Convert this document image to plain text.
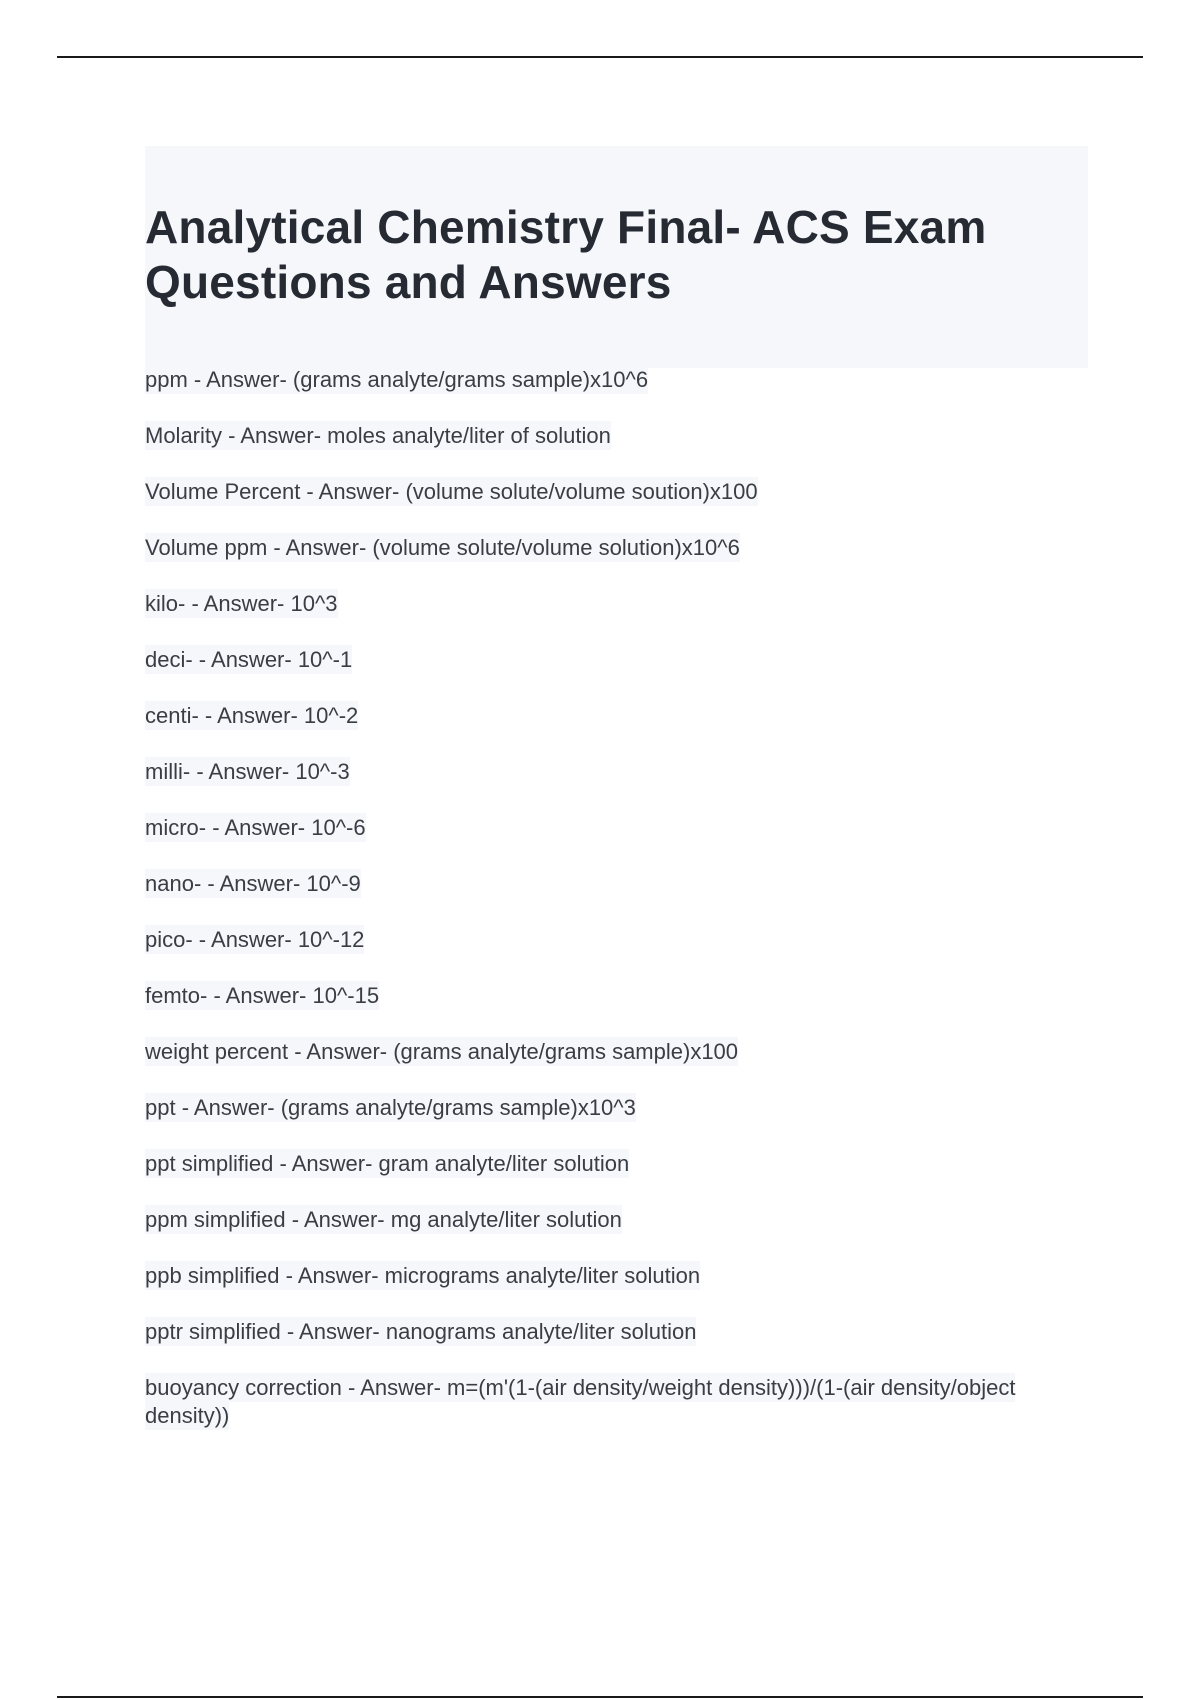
Analytical Chemistry Final- ACS Exam Questions and Answers
ppm - Answer- (grams analyte/grams sample)x10^6
Molarity - Answer- moles analyte/liter of solution
Volume Percent - Answer- (volume solute/volume soution)x100
Volume ppm - Answer- (volume solute/volume solution)x10^6
kilo- - Answer- 10^3
deci- - Answer- 10^-1
centi- - Answer- 10^-2
milli- - Answer- 10^-3
micro- - Answer- 10^-6
nano- - Answer- 10^-9
pico- - Answer- 10^-12
femto- - Answer- 10^-15
weight percent - Answer- (grams analyte/grams sample)x100
ppt - Answer- (grams analyte/grams sample)x10^3
ppt simplified - Answer- gram analyte/liter solution
ppm simplified - Answer- mg analyte/liter solution
ppb simplified - Answer- micrograms analyte/liter solution
pptr simplified - Answer- nanograms analyte/liter solution
buoyancy correction - Answer- m=(m'(1-(air density/weight density)))/(1-(air density/object density))
